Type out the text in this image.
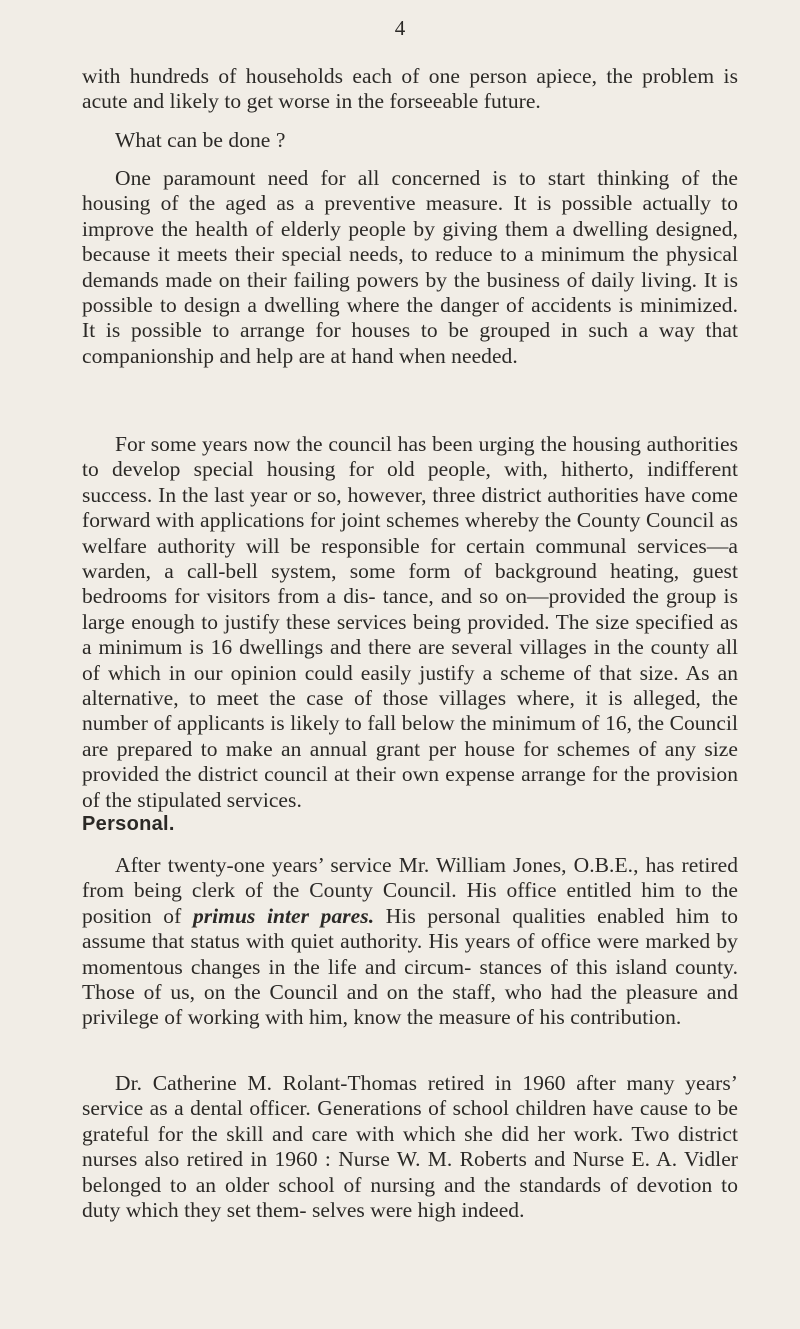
4

with hundreds of households each of one person apiece, the problem is acute and likely to get worse in the forseeable future.

What can be done ?

One paramount need for all concerned is to start thinking of the housing of the aged as a preventive measure. It is possible actually to improve the health of elderly people by giving them a dwelling designed, because it meets their special needs, to reduce to a minimum the physical demands made on their failing powers by the business of daily living. It is possible to design a dwelling where the danger of accidents is minimized. It is possible to arrange for houses to be grouped in such a way that companionship and help are at hand when needed.

For some years now the council has been urging the housing authorities to develop special housing for old people, with, hitherto, indifferent success. In the last year or so, however, three district authorities have come forward with applications for joint schemes whereby the County Council as welfare authority will be responsible for certain communal services—a warden, a call-bell system, some form of background heating, guest bedrooms for visitors from a dis- tance, and so on—provided the group is large enough to justify these services being provided. The size specified as a minimum is 16 dwellings and there are several villages in the county all of which in our opinion could easily justify a scheme of that size. As an alternative, to meet the case of those villages where, it is alleged, the number of applicants is likely to fall below the minimum of 16, the Council are prepared to make an annual grant per house for schemes of any size provided the district council at their own expense arrange for the provision of the stipulated services.

Personal.

After twenty-one years’ service Mr. William Jones, O.B.E., has retired from being clerk of the County Council. His office entitled him to the position of primus inter pares. His personal qualities enabled him to assume that status with quiet authority. His years of office were marked by momentous changes in the life and circum- stances of this island county. Those of us, on the Council and on the staff, who had the pleasure and privilege of working with him, know the measure of his contribution.

Dr. Catherine M. Rolant-Thomas retired in 1960 after many years’ service as a dental officer. Generations of school children have cause to be grateful for the skill and care with which she did her work. Two district nurses also retired in 1960 : Nurse W. M. Roberts and Nurse E. A. Vidler belonged to an older school of nursing and the standards of devotion to duty which they set them- selves were high indeed.
